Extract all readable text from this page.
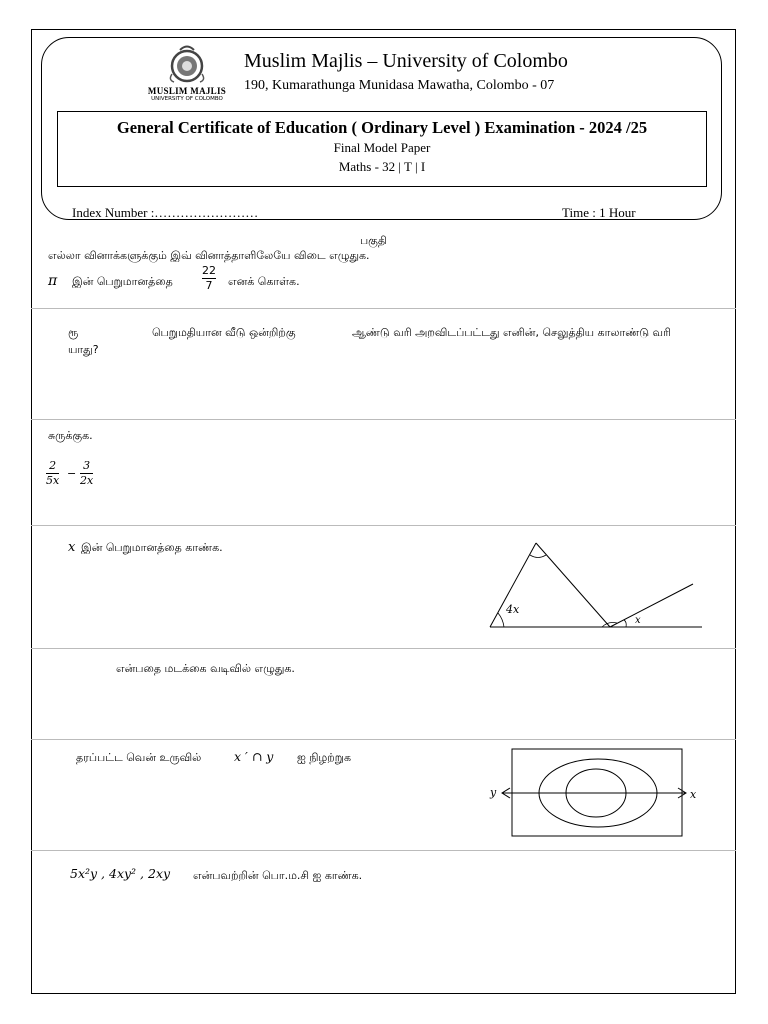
MUSLIM MAJLIS
UNIVERSITY OF COLOMBO
Muslim Majlis – University of Colombo
190, Kumarathunga Munidasa Mawatha, Colombo - 07
General Certificate of Education ( Ordinary Level ) Examination - 2024 /25
Final Model Paper
Maths - 32 | T | I
Index Number :……………………	Time : 1 Hour
பகுதி
எல்லா வினாக்களுக்கும் இவ் வினாத்தாளிலேயே விடை எழுதுக.
π இன் பெறுமானத்தை
22
7 எனக் கொள்க.
ரூ	பெறுமதியான வீடு ஒன்றிற்கு	ஆண்டு வரி அறவிடப்பட்டது எனின், செலுத்திய காலாண்டு வரி
யாது?
சுருக்குக.
2
5x
−
3
2x
x இன் பெறுமானத்தை காண்க.
4x
x
என்பதை மடக்கை வடிவில் எழுதுக.
தரப்பட்ட வென் உருவில்	x ′ ∩ y ஐ நிழற்றுக
y	x
5x²y , 4xy² , 2xy என்பவற்றின் பொ.ம.சி ஐ காண்க.
